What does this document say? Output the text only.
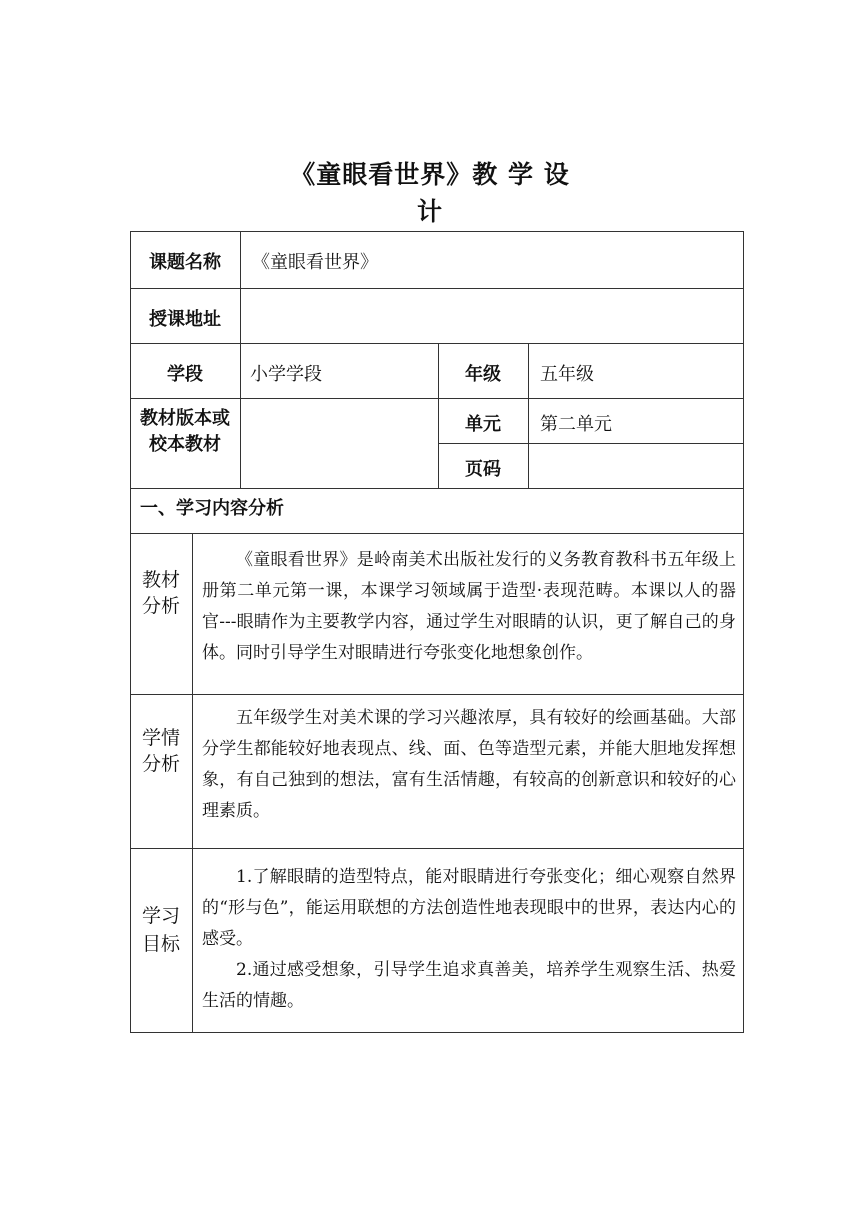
《童眼看世界》教 学 设
计
课题名称	《童眼看世界》
授课地址
学段	小学学段	年级	五年级
教材版本或校本教材
单元	第二单元
页码
一、学习内容分析
教材分析

《童眼看世界》是岭南美术出版社发行的义务教育教科书五年级上册第二单元第一课，本课学习领域属于造型·表现范畴。本课以人的器官---眼睛作为主要教学内容，通过学生对眼睛的认识，更了解自己的身体。同时引导学生对眼睛进行夸张变化地想象创作。

学情分析

五年级学生对美术课的学习兴趣浓厚，具有较好的绘画基础。大部分学生都能较好地表现点、线、面、色等造型元素，并能大胆地发挥想象，有自己独到的想法，富有生活情趣，有较高的创新意识和较好的心理素质。

学习目标

1.了解眼睛的造型特点，能对眼睛进行夸张变化；细心观察自然界的“形与色”，能运用联想的方法创造性地表现眼中的世界，表达内心的感受。

2.通过感受想象，引导学生追求真善美，培养学生观察生活、热爱生活的情趣。
